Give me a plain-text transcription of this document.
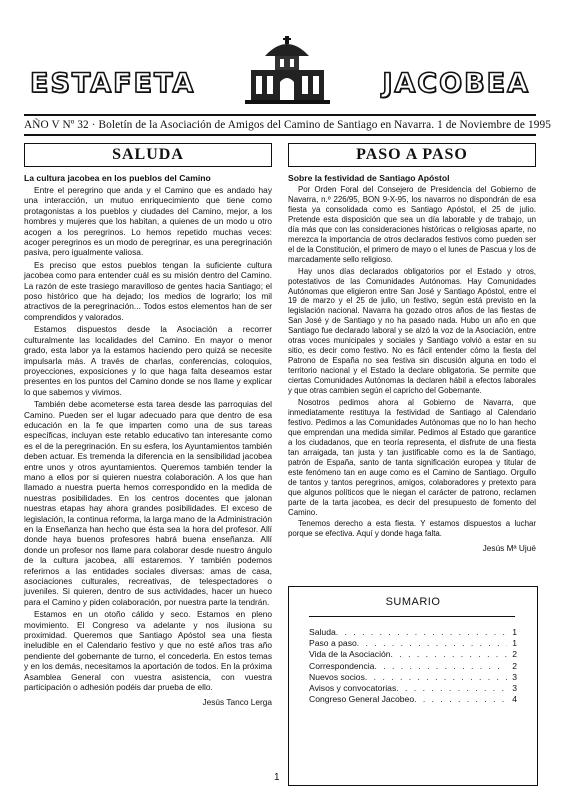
ESTAFETA	JACOBEA
AÑO V Nº 32 · Boletín de la Asociación de Amigos del Camino de Santiago en Navarra. 1 de Noviembre de 1995
SALUDA
La cultura jacobea en los pueblos del Camino

Entre el peregrino que anda y el Camino que es andado hay una interacción, un mutuo enriquecimiento que tiene como protagonistas a los pueblos y ciudades del Camino, mejor, a los hombres y mujeres que los habitan, a quienes de un modo u otro acogen a los peregrinos. Lo hemos repetido muchas veces: acoger peregrinos es un modo de peregrinar, es una peregrinación pasiva, pero igualmente valiosa.

Es preciso que estos pueblos tengan la suficiente cultura jacobea como para entender cuál es su misión dentro del Camino. La razón de este trasiego maravilloso de gentes hacia Santiago; el poso histórico que ha dejado; los medios de lograrlo; los mil atractivos de la peregrinación... Todos estos elementos han de ser comprendidos y valorados.

Estamos dispuestos desde la Asociación a recorrer culturalmente las localidades del Camino. En mayor o menor grado, esta labor ya la estamos haciendo pero quizá se necesite impulsarla más. A través de charlas, conferencias, coloquios, proyecciones, exposiciones y lo que haga falta deseamos estar presentes en los puntos del Camino donde se nos llame y explicar lo que sabemos y vivimos.

También debe acometerse esta tarea desde las parroquias del Camino. Pueden ser el lugar adecuado para que dentro de esa educación en la fe que imparten como una de sus tareas específicas, incluyan este retablo educativo tan interesante como es el de la peregrinación. En su esfera, los Ayuntamientos también deben actuar. Es tremenda la diferencia en la sensibilidad jacobea entre unos y otros ayuntamientos. Queremos también tender la mano a ellos por si quieren nuestra colaboración. A los que han llamado a nuestra puerta hemos correspondido en la medida de nuestras posibilidades. En los centros docentes que jalonan nuestras etapas hay ahora grandes posibilidades. El exceso de legislación, la continua reforma, la larga mano de la Administración en la Enseñanza han hecho que ésta sea la hora del profesor. Allí donde haya buenos profesores habrá buena enseñanza. Allí donde un profesor nos llame para colaborar desde nuestro ángulo de la cultura jacobea, allí estaremos. Y también podemos referirnos a las entidades sociales diversas: amas de casa, asociaciones culturales, recreativas, de telespectadores o juveniles. Si quieren, dentro de sus actividades, hacer un hueco para el Camino y piden colaboración, por nuestra parte la tendrán.

Estamos en un otoño cálido y seco. Estamos en pleno movimiento. El Congreso va adelante y nos ilusiona su proximidad. Queremos que Santiago Apóstol sea una fiesta ineludible en el Calendario festivo y que no esté años tras año pendiente del gobernante de turno, el concederla. En estos temas y en los demás, necesitamos la aportación de todos. En la próxima Asamblea General con vuestra asistencia, con vuestra participación o adhesión podéis dar prueba de ello.

Jesús Tanco Lerga
PASO A PASO
Sobre la festividad de Santiago Apóstol

Por Orden Foral del Consejero de Presidencia del Gobierno de Navarra, n.º 226/95, BON 9-X-95, los navarros no dispondrán de esa fiesta ya consolidada como es Santiago Apóstol, el 25 de julio. Pretende esta disposición que sea un día laborable y de trabajo, un día más que con las consideraciones históricas o religiosas aparte, no merezca la importancia de otros declarados festivos como pueden ser el de la Constitución, el primero de mayo o el lunes de Pascua y los de marcadamente sello religioso.

Hay unos días declarados obligatorios por el Estado y otros, potestativos de las Comunidades Autónomas. Hay Comunidades Autónomas que eligieron entre San José y Santiago Apóstol, entre el 19 de marzo y el 25 de julio, un festivo, según está previsto en la legislación nacional. Navarra ha gozado otros años de las fiestas de San José y de Santiago y no ha pasado nada. Hubo un año en que Santiago fue declarado laboral y se alzó la voz de la Asociación, entre otras voces municipales y sociales y Santiago volvió a estar en su sitio, es decir como festivo. No es fácil entender cómo la fiesta del Patrono de España no sea festiva sin discusión alguna en todo el territorio nacional y el Estado la declare obligatoria. Se permite que ciertas Comunidades Autónomas la declaren hábil a efectos laborales y que otras cambien según el capricho del Gobernante.

Nosotros pedimos ahora al Gobierno de Navarra, que inmediatamente restituya la festividad de Santiago al Calendario festivo. Pedimos a las Comunidades Autónomas que no lo han hecho que emprendan una medida similar. Pedimos al Estado que garantice a los ciudadanos, que en teoría representa, el disfrute de una fiesta tan arraigada, tan justa y tan justificable como es la de Santiago, patrón de España, santo de tanta significación europea y titular de este fenómeno tan en auge como es el Camino de Santiago. Orgullo de tantos y tantos peregrinos, amigos, colaboradores y pretexto para que algunos políticos que le niegan el carácter de patrono, reclamen parte de la tarta jacobea, es decir del presupuesto de fomento del Camino.

Tenemos derecho a esta fiesta. Y estamos dispuestos a luchar porque se efectiva. Aquí y donde haga falta.

Jesús Mª Ujué
SUMARIO
Saluda . . .	1
Paso a paso . . .	1
Vida de la Asociación . . .	2
Correspondencia . . .	2
Nuevos socios . . .	3
Avisos y convocatorias . . .	3
Congreso General Jacobeo . . .	4
1
